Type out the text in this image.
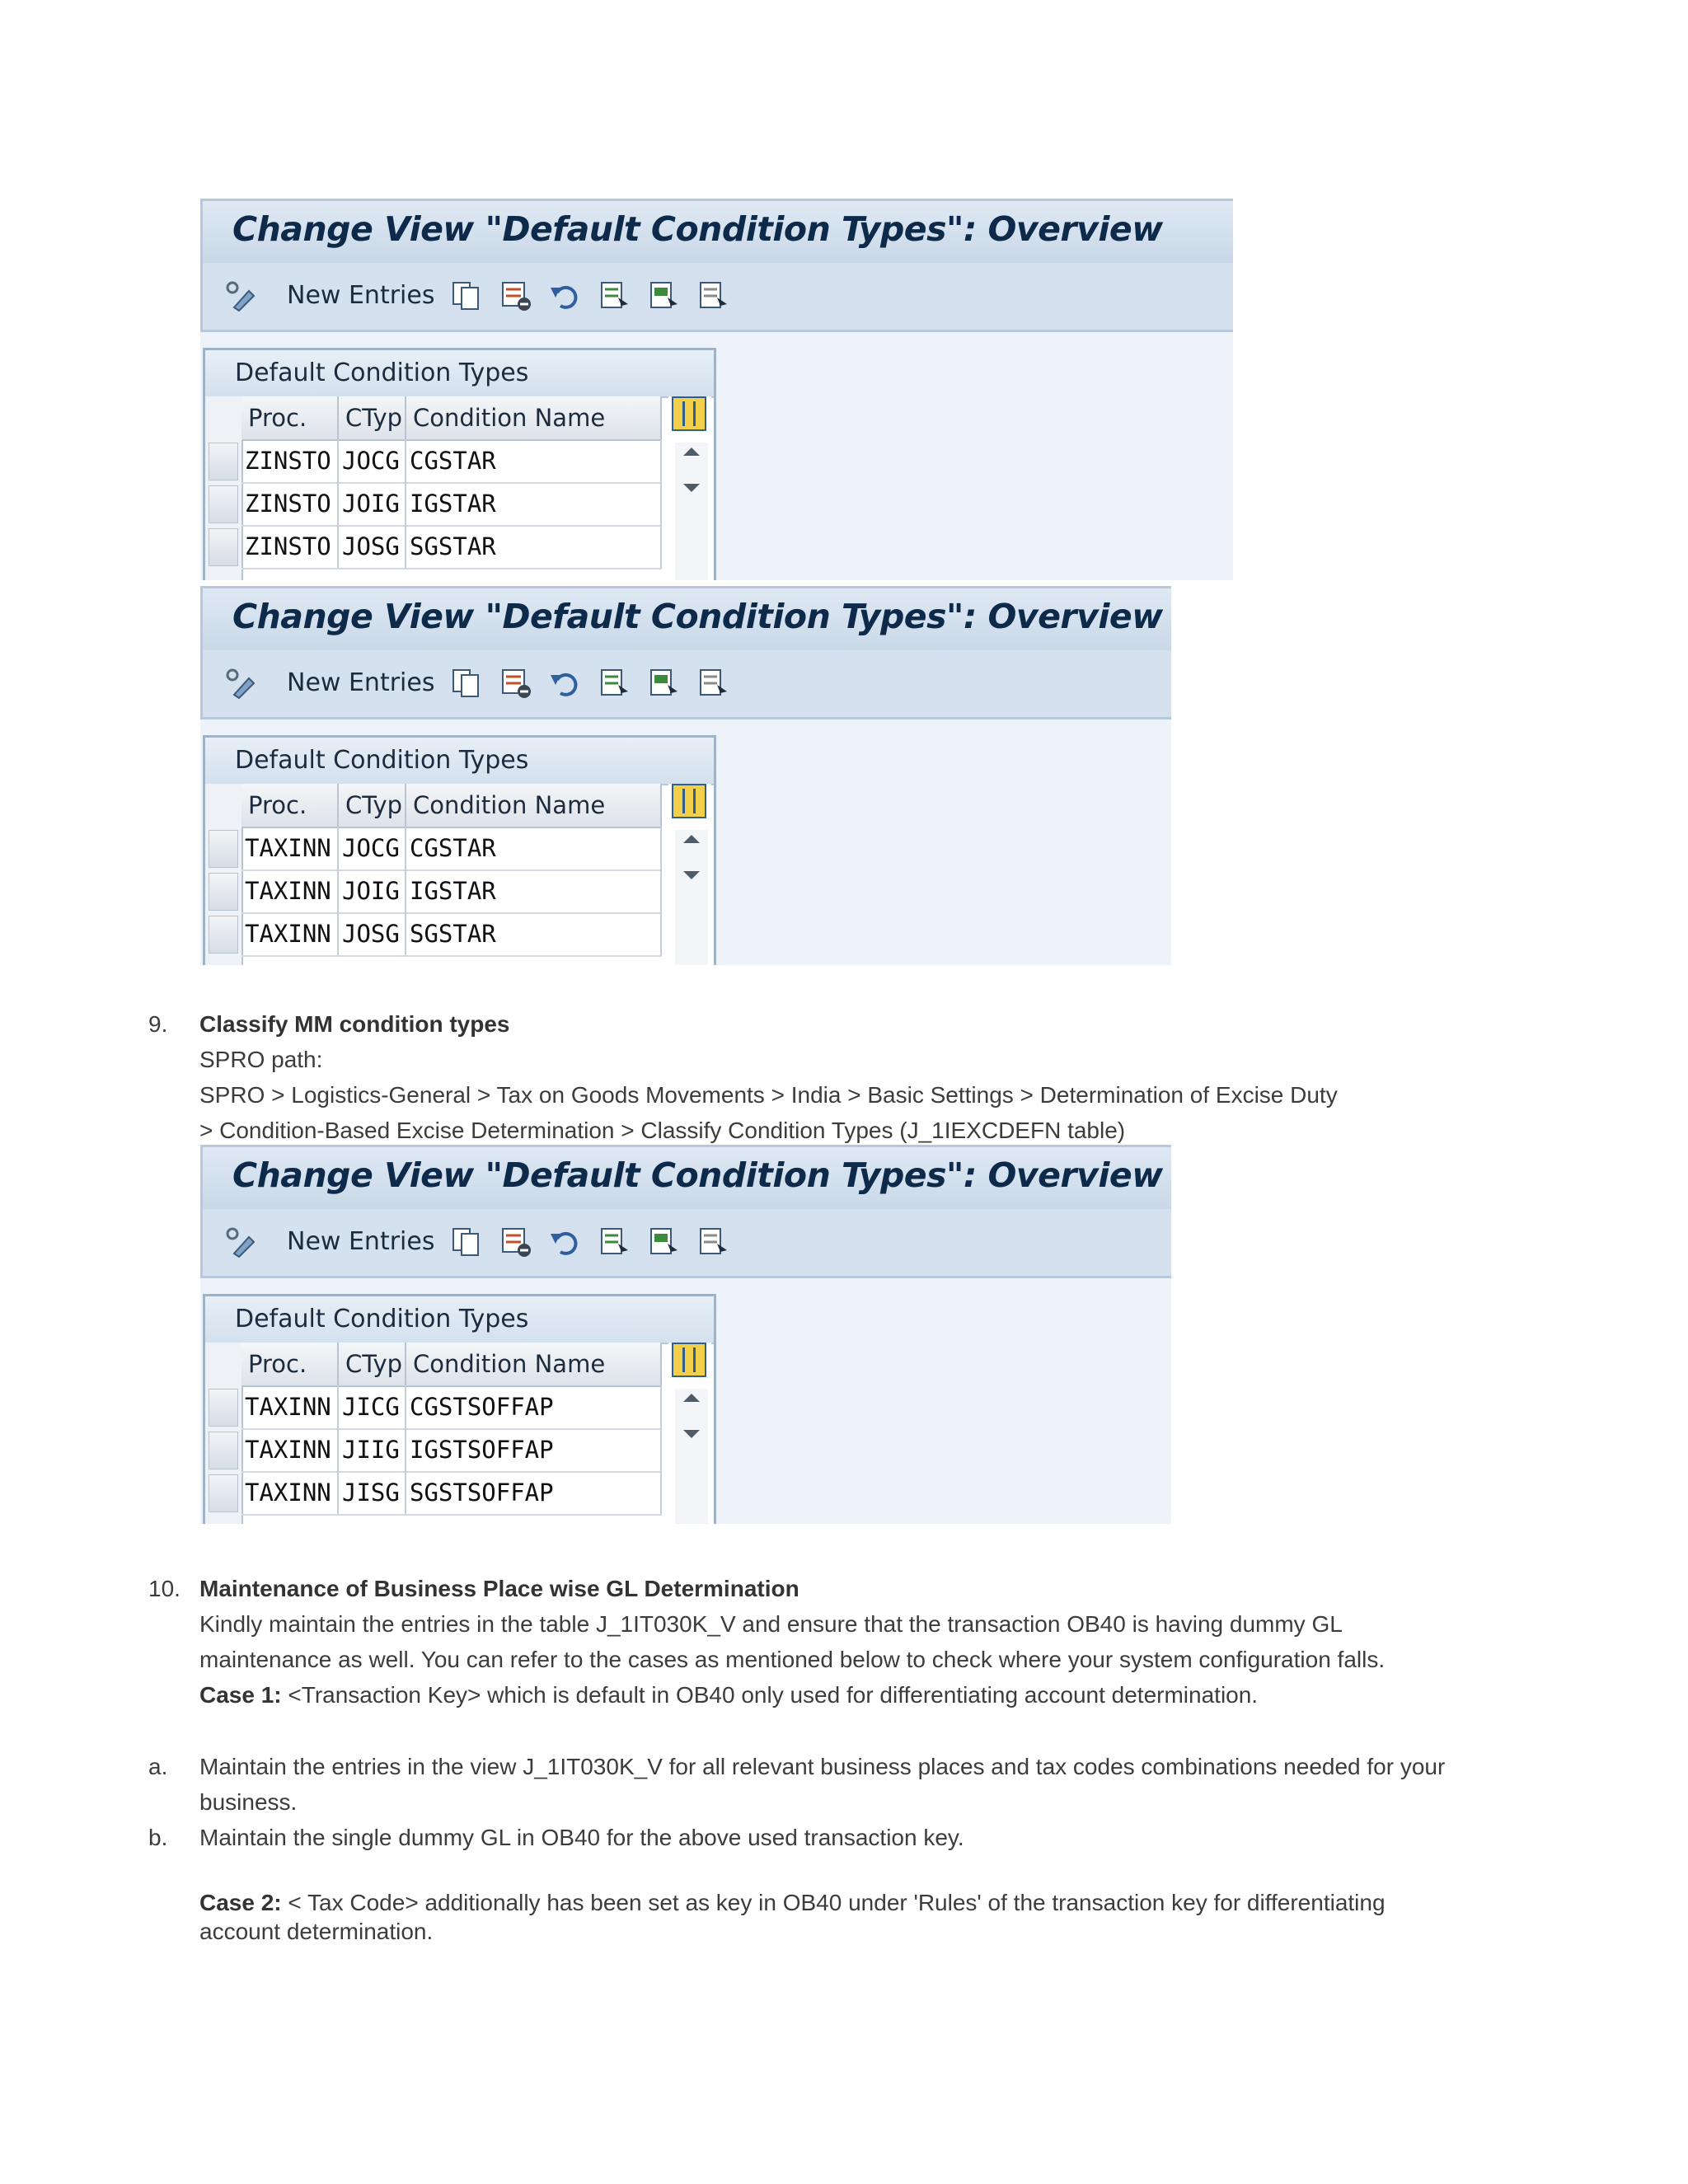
Change View "Default Condition Types": Overview
New Entries
Default Condition Types
Proc.	CTyp Condition Name
ZINSTO JOCG CGSTAR
ZINSTO JOIG IGSTAR
ZINSTO JOSG SGSTAR
Change View "Default Condition Types": Overview
New Entries
Default Condition Types
Proc.	CTyp Condition Name
TAXINN JOCG CGSTAR
TAXINN JOIG IGSTAR
TAXINN JOSG SGSTAR
9. Classify MM condition types
SPRO path:
SPRO > Logistics-General > Tax on Goods Movements > India > Basic Settings > Determination of Excise Duty
> Condition-Based Excise Determination > Classify Condition Types (J_1IEXCDEFN table)
Change View "Default Condition Types": Overview
New Entries
Default Condition Types
Proc.	CTyp Condition Name
TAXINN JICG CGSTSOFFAP
TAXINN JIIG IGSTSOFFAP
TAXINN JISG SGSTSOFFAP
10. Maintenance of Business Place wise GL Determination
Kindly maintain the entries in the table J_1IT030K_V and ensure that the transaction OB40 is having dummy GL
maintenance as well. You can refer to the cases as mentioned below to check where your system configuration falls.
Case 1: <Transaction Key> which is default in OB40 only used for differentiating account determination.
a. Maintain the entries in the view J_1IT030K_V for all relevant business places and tax codes combinations needed for your
business.
b. Maintain the single dummy GL in OB40 for the above used transaction key.
Case 2: < Tax Code> additionally has been set as key in OB40 under 'Rules' of the transaction key for differentiating
account determination.
